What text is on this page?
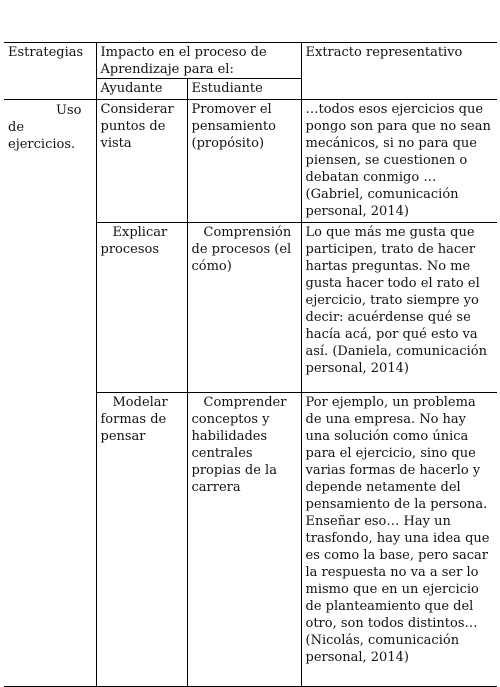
Estrategias	Impacto en el proceso de Aprendizaje para el:		Extracto representativo
	Ayudante	Estudiante	

Uso de ejercicios.	Considerar puntos de vista	Promover el pensamiento (propósito)	…todos esos ejercicios que pongo son para que no sean mecánicos, si no para que piensen, se cuestionen o debatan conmigo … (Gabriel, comunicación personal, 2014)
	Explicar procesos	Comprensión de procesos (el cómo)	Lo que más me gusta que participen, trato de hacer hartas preguntas. No me gusta hacer todo el rato el ejercicio, trato siempre yo decir: acuérdense qué se hacía acá, por qué esto va así. (Daniela, comunicación personal, 2014)
	Modelar formas de pensar	Comprender conceptos y habilidades centrales propias de la carrera	Por ejemplo, un problema de una empresa. No hay una solución como única para el ejercicio, sino que varias formas de hacerlo y depende netamente del pensamiento de la persona. Enseñar eso… Hay un trasfondo, hay una idea que es como la base, pero sacar la respuesta no va a ser lo mismo que en un ejercicio de planteamiento que del otro, son todos distintos… (Nicolás, comunicación personal, 2014)
